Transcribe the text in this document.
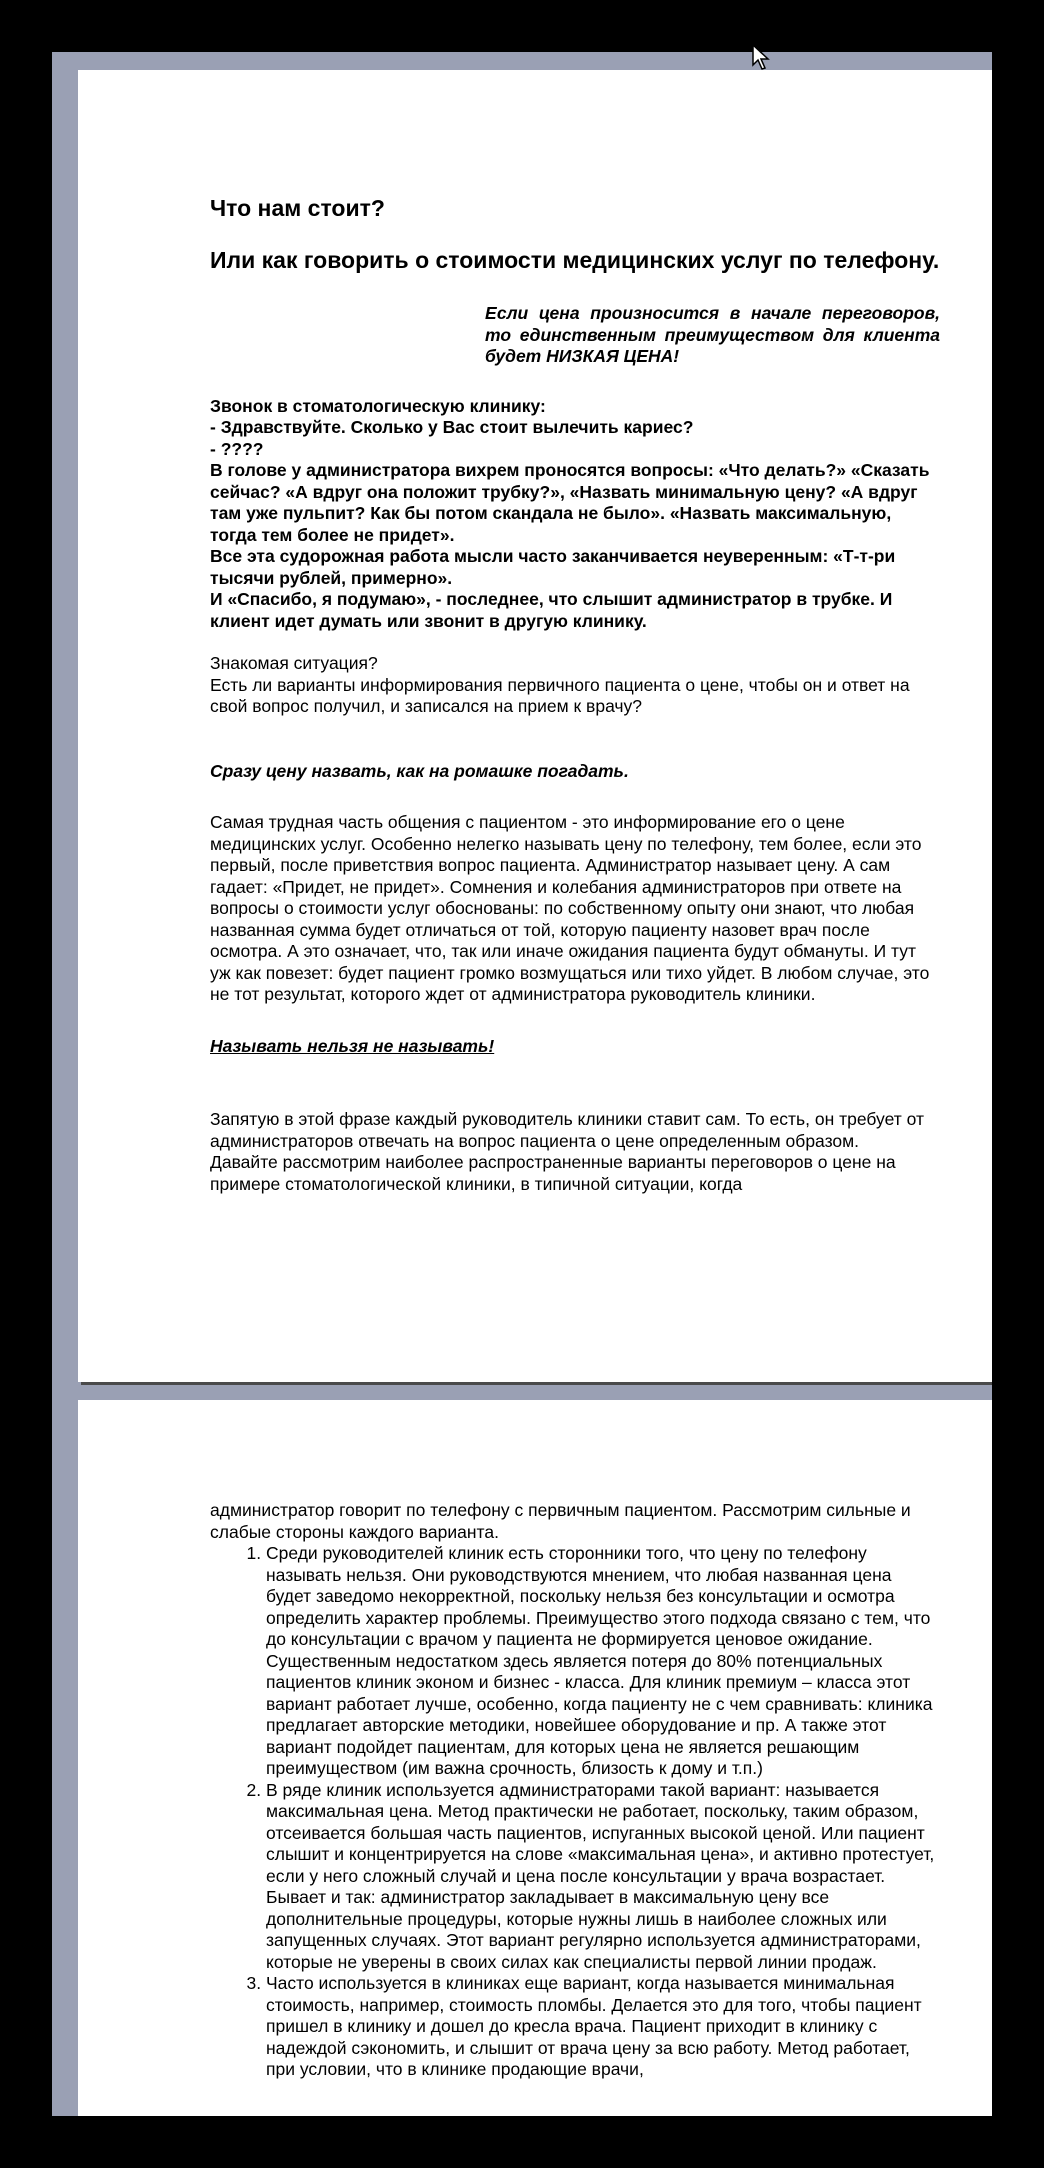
Что нам стоит?
Или как говорить о стоимости медицинских услуг по телефону.
Если цена произносится в начале переговоров, то единственным преимуществом для клиента будет НИЗКАЯ ЦЕНА!
Звонок в стоматологическую клинику:
- Здравствуйте. Сколько у Вас стоит вылечить кариес?
- ????
В голове у администратора вихрем проносятся вопросы: «Что делать?» «Сказать сейчас? «А вдруг она положит трубку?», «Назвать минимальную цену? «А вдруг там уже пульпит? Как бы потом скандала не было». «Назвать максимальную, тогда тем более не придет».
Все эта судорожная работа мысли часто заканчивается неуверенным: «Т-т-ри тысячи рублей, примерно».
И «Спасибо, я подумаю», - последнее, что слышит администратор в трубке. И клиент идет думать или звонит в другую клинику.
Знакомая ситуация?
Есть ли варианты информирования первичного пациента о цене, чтобы он и ответ на свой вопрос получил, и записался на прием к врачу?

Сразу цену назвать, как на ромашке погадать.

Самая трудная часть общения с пациентом - это информирование его о цене медицинских услуг. Особенно нелегко называть цену по телефону, тем более, если это первый, после приветствия вопрос пациента. Администратор называет цену. А сам гадает: «Придет, не придет». Сомнения и колебания администраторов при ответе на вопросы о стоимости услуг обоснованы: по собственному опыту они знают, что любая названная сумма будет отличаться от той, которую пациенту назовет врач после осмотра. А это означает, что, так или иначе ожидания пациента будут обмануты. И тут уж как повезет: будет пациент громко возмущаться или тихо уйдет. В любом случае, это не тот результат, которого ждет от администратора руководитель клиники.

Называть нельзя не называть!

Запятую в этой фразе каждый руководитель клиники ставит сам. То есть, он требует от администраторов отвечать на вопрос пациента о цене определенным образом.

Давайте рассмотрим наиболее распространенные варианты переговоров о цене на примере стоматологической клиники, в типичной ситуации, когда

администратор говорит по телефону с первичным пациентом. Рассмотрим сильные и слабые стороны каждого варианта.

1. Среди руководителей клиник есть сторонники того, что цену по телефону называть нельзя. Они руководствуются мнением, что любая названная цена будет заведомо некорректной, поскольку нельзя без консультации и осмотра определить характер проблемы. Преимущество этого подхода связано с тем, что до консультации с врачом у пациента не формируется ценовое ожидание. Существенным недостатком здесь является потеря до 80% потенциальных пациентов клиник эконом и бизнес - класса. Для клиник премиум – класса этот вариант работает лучше, особенно, когда пациенту не с чем сравнивать: клиника предлагает авторские методики, новейшее оборудование и пр. А также этот вариант подойдет пациентам, для которых цена не является решающим преимуществом (им важна срочность, близость к дому и т.п.)
2. В ряде клиник используется администраторами такой вариант: называется максимальная цена. Метод практически не работает, поскольку, таким образом, отсеивается большая часть пациентов, испуганных высокой ценой. Или пациент слышит и концентрируется на слове «максимальная цена», и активно протестует, если у него сложный случай и цена после консультации у врача возрастает. Бывает и так: администратор закладывает в максимальную цену все дополнительные процедуры, которые нужны лишь в наиболее сложных или запущенных случаях. Этот вариант регулярно используется администраторами, которые не уверены в своих силах как специалисты первой линии продаж.
3. Часто используется в клиниках еще вариант, когда называется минимальная стоимость, например, стоимость пломбы. Делается это для того, чтобы пациент пришел в клинику и дошел до кресла врача. Пациент приходит в клинику с надеждой сэкономить, и слышит от врача цену за всю работу. Метод работает, при условии, что в клинике продающие врачи,
